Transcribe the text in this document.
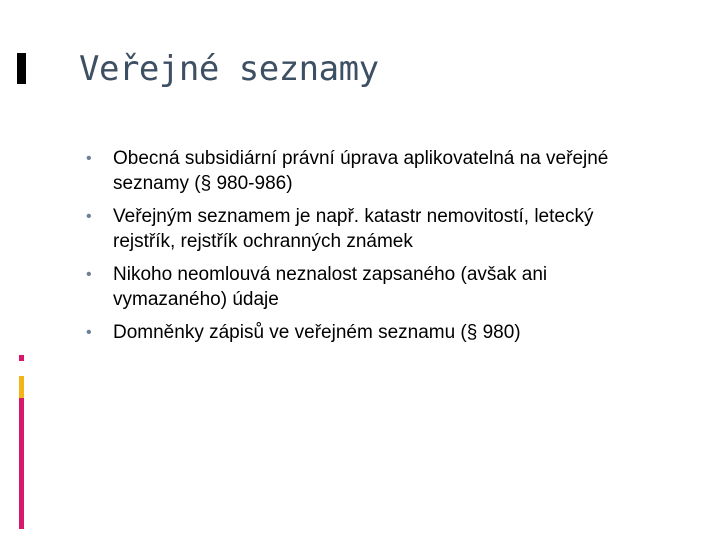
Veřejné seznamy
• Obecná subsidiární právní úprava aplikovatelná na veřejné seznamy (§ 980-986)
• Veřejným seznamem je např. katastr nemovitostí, letecký rejstřík, rejstřík ochranných známek
• Nikoho neomlouvá neznalost zapsaného (avšak ani vymazaného) údaje
• Domněnky zápisů ve veřejném seznamu (§ 980)
